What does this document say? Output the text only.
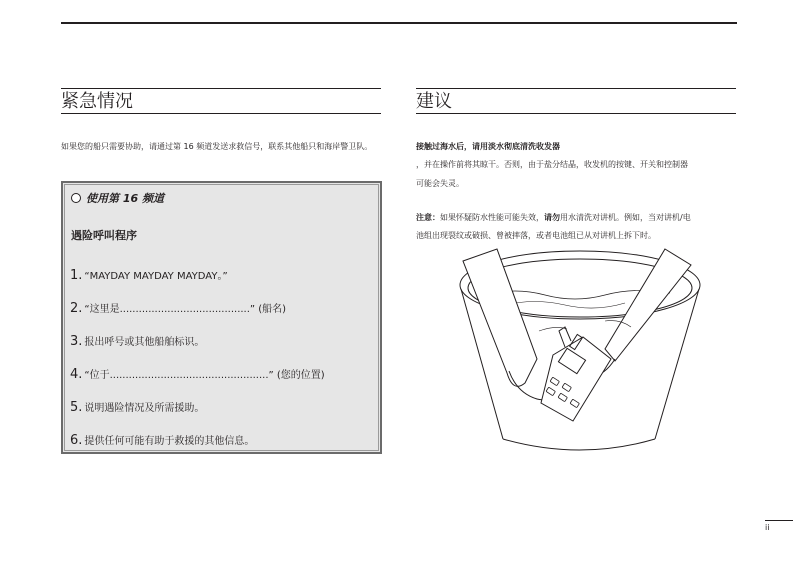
紧急情况
如果您的船只需要协助，请通过第 16 频道发送求救信号，联系其他船只和海岸警卫队。
使用第 16 频道
遇险呼叫程序
1. “MAYDAY MAYDAY MAYDAY。”
2. “这里是.........................................” (船名)
3. 报出呼号或其他船舶标识。
4. “位于..................................................” (您的位置)
5. 说明遇险情况及所需援助。
6. 提供任何可能有助于救援的其他信息。
建议
接触过海水后，请用淡水彻底清洗收发器
，并在操作前将其晾干。否则，由于盐分结晶，收发机的按键、开关和控制器
可能会失灵。
注意：如果怀疑防水性能可能失效，请勿用水清洗对讲机。例如，当对讲机/电
池组出现裂纹或破损、曾被摔落，或者电池组已从对讲机上拆下时。
ii
